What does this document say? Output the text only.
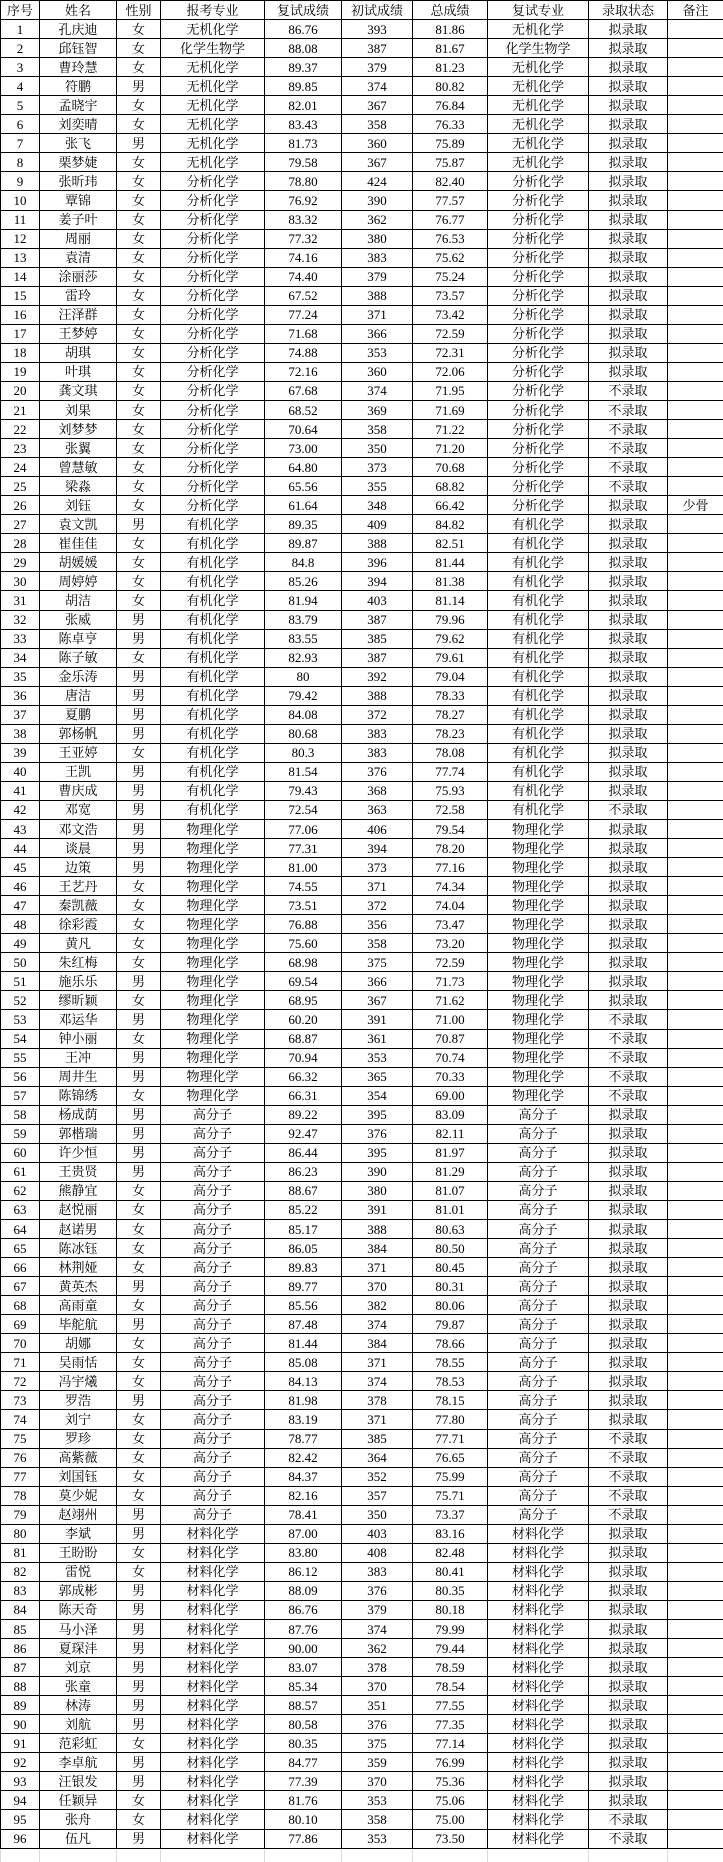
序号	姓名	性别	报考专业	复试成绩	初试成绩	总成绩	复试专业	录取状态	备注
1	孔庆迪	女	无机化学	86.76	393	81.86	无机化学	拟录取	
2	邱钰智	女	化学生物学	88.08	387	81.67	化学生物学	拟录取	
3	曹玲慧	女	无机化学	89.37	379	81.23	无机化学	拟录取	
4	符鹏	男	无机化学	89.85	374	80.82	无机化学	拟录取	
5	孟晓宇	女	无机化学	82.01	367	76.84	无机化学	拟录取	
6	刘奕晴	女	无机化学	83.43	358	76.33	无机化学	拟录取	
7	张飞	男	无机化学	81.73	360	75.89	无机化学	拟录取	
8	栗梦婕	女	无机化学	79.58	367	75.87	无机化学	拟录取	
9	张昕玮	女	分析化学	78.80	424	82.40	分析化学	拟录取	
10	覃锦	女	分析化学	76.92	390	77.57	分析化学	拟录取	
11	姜子叶	女	分析化学	83.32	362	76.77	分析化学	拟录取	
12	周丽	女	分析化学	77.32	380	76.53	分析化学	拟录取	
13	袁清	女	分析化学	74.16	383	75.62	分析化学	拟录取	
14	涂丽莎	女	分析化学	74.40	379	75.24	分析化学	拟录取	
15	雷玲	女	分析化学	67.52	388	73.57	分析化学	拟录取	
16	汪泽群	女	分析化学	77.24	371	73.42	分析化学	拟录取	
17	王梦婷	女	分析化学	71.68	366	72.59	分析化学	拟录取	
18	胡琪	女	分析化学	74.88	353	72.31	分析化学	拟录取	
19	叶琪	女	分析化学	72.16	360	72.06	分析化学	拟录取	
20	龚文琪	女	分析化学	67.68	374	71.95	分析化学	不录取	
21	刘果	女	分析化学	68.52	369	71.69	分析化学	不录取	
22	刘梦梦	女	分析化学	70.64	358	71.22	分析化学	不录取	
23	张翼	女	分析化学	73.00	350	71.20	分析化学	不录取	
24	曾慧敏	女	分析化学	64.80	373	70.68	分析化学	不录取	
25	梁淼	女	分析化学	65.56	355	68.82	分析化学	不录取	
26	刘钰	女	分析化学	61.64	348	66.42	分析化学	拟录取	少骨
27	袁文凯	男	有机化学	89.35	409	84.82	有机化学	拟录取	
28	崔佳佳	女	有机化学	89.87	388	82.51	有机化学	拟录取	
29	胡媛媛	女	有机化学	84.8	396	81.44	有机化学	拟录取	
30	周婷婷	女	有机化学	85.26	394	81.38	有机化学	拟录取	
31	胡洁	女	有机化学	81.94	403	81.14	有机化学	拟录取	
32	张威	男	有机化学	83.79	387	79.96	有机化学	拟录取	
33	陈卓亨	男	有机化学	83.55	385	79.62	有机化学	拟录取	
34	陈子敏	女	有机化学	82.93	387	79.61	有机化学	拟录取	
35	金乐涛	男	有机化学	80	392	79.04	有机化学	拟录取	
36	唐洁	男	有机化学	79.42	388	78.33	有机化学	拟录取	
37	夏鹏	男	有机化学	84.08	372	78.27	有机化学	拟录取	
38	郭杨帆	男	有机化学	80.68	383	78.23	有机化学	拟录取	
39	王亚婷	女	有机化学	80.3	383	78.08	有机化学	拟录取	
40	王凯	男	有机化学	81.54	376	77.74	有机化学	拟录取	
41	曹庆成	男	有机化学	79.43	368	75.93	有机化学	拟录取	
42	邓宽	男	有机化学	72.54	363	72.58	有机化学	不录取	
43	邓文浩	男	物理化学	77.06	406	79.54	物理化学	拟录取	
44	谈晨	男	物理化学	77.31	394	78.20	物理化学	拟录取	
45	边策	男	物理化学	81.00	373	77.16	物理化学	拟录取	
46	王艺丹	女	物理化学	74.55	371	74.34	物理化学	拟录取	
47	秦凯薇	女	物理化学	73.51	372	74.04	物理化学	拟录取	
48	徐彩霞	女	物理化学	76.88	356	73.47	物理化学	拟录取	
49	黄凡	女	物理化学	75.60	358	73.20	物理化学	拟录取	
50	朱红梅	女	物理化学	68.98	375	72.59	物理化学	拟录取	
51	施乐乐	男	物理化学	69.54	366	71.73	物理化学	拟录取	
52	缪昕颖	女	物理化学	68.95	367	71.62	物理化学	拟录取	
53	邓运华	男	物理化学	60.20	391	71.00	物理化学	不录取	
54	钟小丽	女	物理化学	68.87	361	70.87	物理化学	不录取	
55	王冲	男	物理化学	70.94	353	70.74	物理化学	不录取	
56	周井生	男	物理化学	66.32	365	70.33	物理化学	不录取	
57	陈锦绣	女	物理化学	66.31	354	69.00	物理化学	不录取	
58	杨成荫	男	高分子	89.22	395	83.09	高分子	拟录取	
59	郭楷瑞	男	高分子	92.47	376	82.11	高分子	拟录取	
60	许少恒	男	高分子	86.44	395	81.97	高分子	拟录取	
61	王贵贤	男	高分子	86.23	390	81.29	高分子	拟录取	
62	熊静宜	女	高分子	88.67	380	81.07	高分子	拟录取	
63	赵悦丽	女	高分子	85.22	391	81.01	高分子	拟录取	
64	赵诺男	女	高分子	85.17	388	80.63	高分子	拟录取	
65	陈冰钰	女	高分子	86.05	384	80.50	高分子	拟录取	
66	林荆娅	女	高分子	89.83	371	80.45	高分子	拟录取	
67	黄英杰	男	高分子	89.77	370	80.31	高分子	拟录取	
68	高雨童	女	高分子	85.56	382	80.06	高分子	拟录取	
69	毕舵航	男	高分子	87.48	374	79.87	高分子	拟录取	
70	胡娜	女	高分子	81.44	384	78.66	高分子	拟录取	
71	吴雨恬	女	高分子	85.08	371	78.55	高分子	拟录取	
72	冯宇爔	女	高分子	84.13	374	78.53	高分子	拟录取	
73	罗浩	男	高分子	81.98	378	78.15	高分子	拟录取	
74	刘宁	女	高分子	83.19	371	77.80	高分子	拟录取	
75	罗珍	女	高分子	78.77	385	77.71	高分子	不录取	
76	高紫薇	女	高分子	82.42	364	76.65	高分子	不录取	
77	刘国钰	女	高分子	84.37	352	75.99	高分子	不录取	
78	莫少妮	女	高分子	82.16	357	75.71	高分子	不录取	
79	赵翊州	男	高分子	78.41	350	73.37	高分子	不录取	
80	李斌	男	材料化学	87.00	403	83.16	材料化学	拟录取	
81	王盼盼	女	材料化学	83.80	408	82.48	材料化学	拟录取	
82	雷悦	女	材料化学	86.12	383	80.41	材料化学	拟录取	
83	郭成彬	男	材料化学	88.09	376	80.35	材料化学	拟录取	
84	陈天奇	男	材料化学	86.76	379	80.18	材料化学	拟录取	
85	马小泽	男	材料化学	87.76	374	79.99	材料化学	拟录取	
86	夏琛沣	男	材料化学	90.00	362	79.44	材料化学	拟录取	
87	刘京	男	材料化学	83.07	378	78.59	材料化学	拟录取	
88	张童	男	材料化学	85.34	370	78.54	材料化学	拟录取	
89	林涛	男	材料化学	88.57	351	77.55	材料化学	拟录取	
90	刘航	男	材料化学	80.58	376	77.35	材料化学	拟录取	
91	范彩虹	女	材料化学	80.35	375	77.14	材料化学	拟录取	
92	李卓航	男	材料化学	84.77	359	76.99	材料化学	拟录取	
93	汪银发	男	材料化学	77.39	370	75.36	材料化学	拟录取	
94	任颖异	女	材料化学	81.76	353	75.06	材料化学	拟录取	
95	张舟	女	材料化学	80.10	358	75.00	材料化学	不录取	
96	伍凡	男	材料化学	77.86	353	73.50	材料化学	不录取	
